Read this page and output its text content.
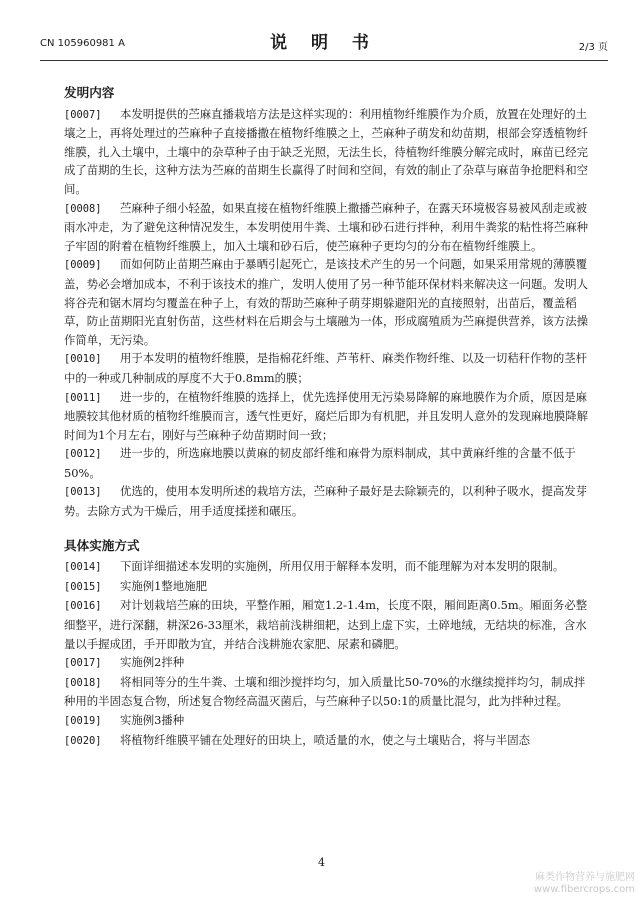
CN 105960981 A	说 明 书	2/3 页
发明内容

[0007] 本发明提供的苎麻直播栽培方法是这样实现的：利用植物纤维膜作为介质，放置在处理好的土壤之上，再将处理过的苎麻种子直接播撒在植物纤维膜之上，苎麻种子萌发和幼苗期，根部会穿透植物纤维膜，扎入土壤中，土壤中的杂草种子由于缺乏光照，无法生长，待植物纤维膜分解完成时，麻苗已经完成了苗期的生长，这种方法为苎麻的苗期生长赢得了时间和空间，有效的制止了杂草与麻苗争抢肥料和空间。

[0008] 苎麻种子细小轻盈，如果直接在植物纤维膜上撒播苎麻种子，在露天环境极容易被风刮走或被雨水冲走，为了避免这种情况发生，本发明使用牛粪、土壤和砂石进行拌种，利用牛粪浆的粘性将苎麻种子牢固的附着在植物纤维膜上，加入土壤和砂石后，使苎麻种子更均匀的分布在植物纤维膜上。

[0009] 而如何防止苗期苎麻由于暴晒引起死亡，是该技术产生的另一个问题，如果采用常规的薄膜覆盖，势必会增加成本，不利于该技术的推广，发明人使用了另一种节能环保材料来解决这一问题。发明人将谷壳和锯木屑均匀覆盖在种子上，有效的帮助苎麻种子萌芽期躲避阳光的直接照射，出苗后，覆盖稻草，防止苗期阳光直射伤苗，这些材料在后期会与土壤融为一体，形成腐殖质为苎麻提供营养，该方法操作简单，无污染。

[0010] 用于本发明的植物纤维膜，是指棉花纤维、芦苇杆、麻类作物纤维、以及一切秸秆作物的茎杆中的一种或几种制成的厚度不大于0.8mm的膜；

[0011] 进一步的，在植物纤维膜的选择上，优先选择使用无污染易降解的麻地膜作为介质，原因是麻地膜较其他材质的植物纤维膜而言，透气性更好，腐烂后即为有机肥，并且发明人意外的发现麻地膜降解时间为1个月左右，刚好与苎麻种子幼苗期时间一致；

[0012] 进一步的，所选麻地膜以黄麻的韧皮部纤维和麻骨为原料制成，其中黄麻纤维的含量不低于50%。

[0013] 优选的，使用本发明所述的栽培方法，苎麻种子最好是去除颖壳的，以利种子吸水，提高发芽势。去除方式为干燥后，用手适度揉搓和碾压。

具体实施方式

[0014] 下面详细描述本发明的实施例，所用仅用于解释本发明，而不能理解为对本发明的限制。

[0015] 实施例1整地施肥

[0016] 对计划栽培苎麻的田块，平整作厢，厢宽1.2-1.4m，长度不限，厢间距离0.5m。厢面务必整细整平，进行深翻，耕深26-33厘米，栽培前浅耕细耙，达到上虚下实，土碎地绒，无结块的标准，含水量以手握成团，手开即散为宜，并结合浅耕施农家肥、尿素和磷肥。

[0017] 实施例2拌种

[0018] 将相同等分的生牛粪、土壤和细沙搅拌均匀，加入质量比50-70%的水继续搅拌均匀，制成拌种用的半固态复合物，所述复合物经高温灭菌后，与苎麻种子以50:1的质量比混匀，此为拌种过程。

[0019] 实施例3播种

[0020] 将植物纤维膜平铺在处理好的田块上，喷适量的水，使之与土壤贴合，将与半固态

4
麻类作物营养与施肥网
www.fibercrops.com
